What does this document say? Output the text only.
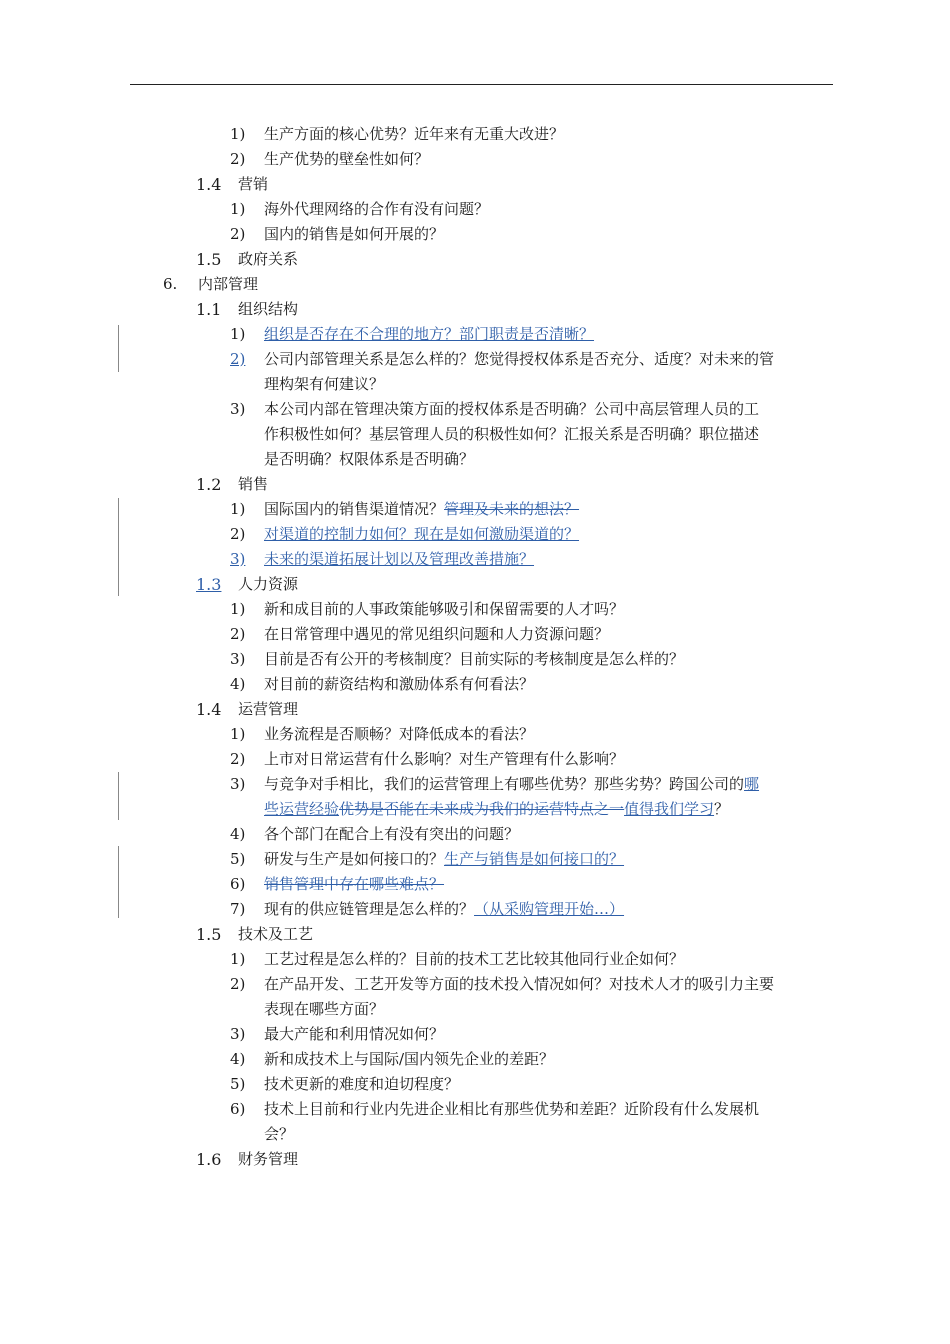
1) 生产方面的核心优势？近年来有无重大改进？
2) 生产优势的壁垒性如何？
1.4 营销
1) 海外代理网络的合作有没有问题？
2) 国内的销售是如何开展的？
1.5 政府关系
6. 内部管理
1.1 组织结构
1) 组织是否存在不合理的地方？部门职责是否清晰？
2) 公司内部管理关系是怎么样的？您觉得授权体系是否充分、适度？对未来的管
理构架有何建议？
3) 本公司内部在管理决策方面的授权体系是否明确？公司中高层管理人员的工
作积极性如何？基层管理人员的积极性如何？汇报关系是否明确？职位描述
是否明确？权限体系是否明确？
1.2 销售
1) 国际国内的销售渠道情况？管理及未来的想法？
2) 对渠道的控制力如何？现在是如何激励渠道的？
3) 未来的渠道拓展计划以及管理改善措施？
1.3 人力资源
1) 新和成目前的人事政策能够吸引和保留需要的人才吗？
2) 在日常管理中遇见的常见组织问题和人力资源问题？
3) 目前是否有公开的考核制度？目前实际的考核制度是怎么样的？
4) 对目前的薪资结构和激励体系有何看法？
1.4 运营管理
1) 业务流程是否顺畅？对降低成本的看法？
2) 上市对日常运营有什么影响？对生产管理有什么影响？
3) 与竞争对手相比，我们的运营管理上有哪些优势？那些劣势？跨国公司的哪
些运营经验优势是否能在未来成为我们的运营特点之一值得我们学习？
4) 各个部门在配合上有没有突出的问题？
5) 研发与生产是如何接口的？生产与销售是如何接口的？
6) 销售管理中存在哪些难点？
7) 现有的供应链管理是怎么样的？（从采购管理开始…）
1.5 技术及工艺
1) 工艺过程是怎么样的？目前的技术工艺比较其他同行业企如何？
2) 在产品开发、工艺开发等方面的技术投入情况如何？对技术人才的吸引力主要
表现在哪些方面？
3) 最大产能和利用情况如何？
4) 新和成技术上与国际/国内领先企业的差距？
5) 技术更新的难度和迫切程度？
6) 技术上目前和行业内先进企业相比有那些优势和差距？近阶段有什么发展机
会？
1.6 财务管理
